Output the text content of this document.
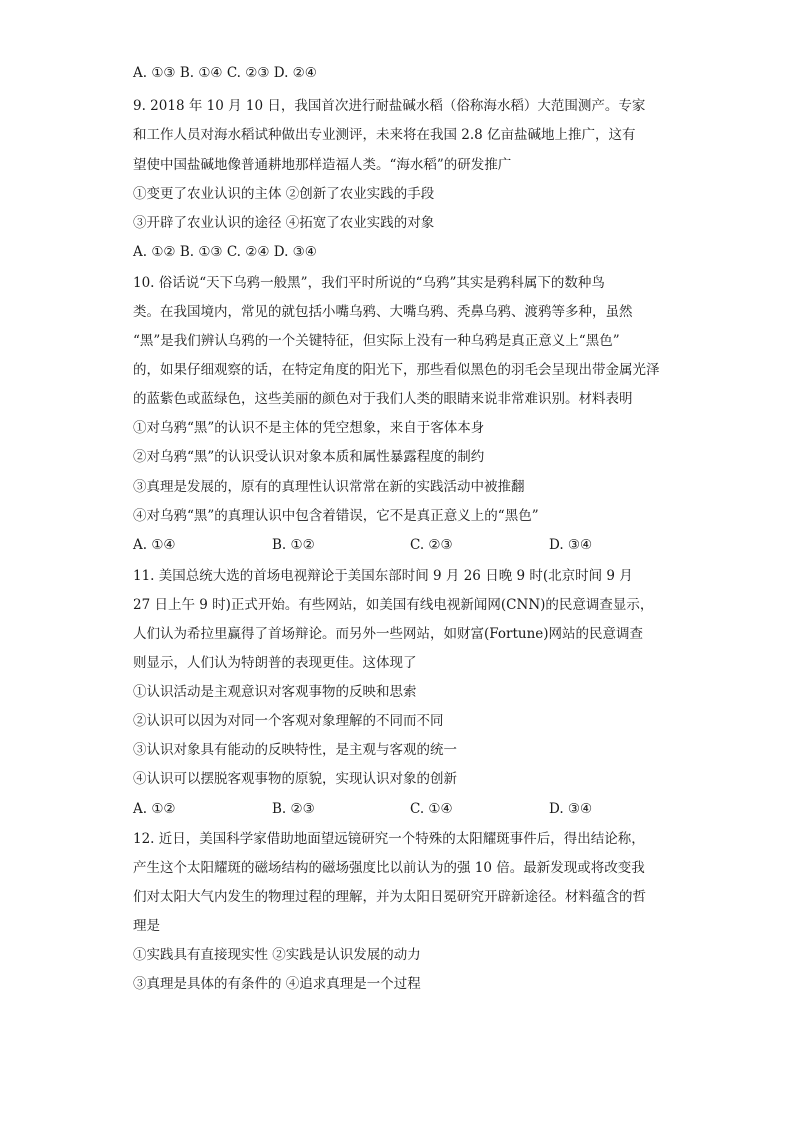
A. ①③ B. ①④ C. ②③ D. ②④
9. 2018 年 10 月 10 日，我国首次进行耐盐碱水稻（俗称海水稻）大范围测产。专家
和工作人员对海水稻试种做出专业测评，未来将在我国 2.8 亿亩盐碱地上推广，这有
望使中国盐碱地像普通耕地那样造福人类。“海水稻”的研发推广
①变更了农业认识的主体 ②创新了农业实践的手段
③开辟了农业认识的途径 ④拓宽了农业实践的对象
A. ①② B. ①③ C. ②④ D. ③④
10. 俗话说“天下乌鸦一般黑”，我们平时所说的“乌鸦”其实是鸦科属下的数种鸟
类。在我国境内，常见的就包括小嘴乌鸦、大嘴乌鸦、秃鼻乌鸦、渡鸦等多种，虽然
“黑”是我们辨认乌鸦的一个关键特征，但实际上没有一种乌鸦是真正意义上“黑色”
的，如果仔细观察的话，在特定角度的阳光下，那些看似黑色的羽毛会呈现出带金属光泽
的蓝紫色或蓝绿色，这些美丽的颜色对于我们人类的眼睛来说非常难识别。材料表明
①对乌鸦“黑”的认识不是主体的凭空想象，来自于客体本身
②对乌鸦“黑”的认识受认识对象本质和属性暴露程度的制约
③真理是发展的，原有的真理性认识常常在新的实践活动中被推翻
④对乌鸦“黑”的真理认识中包含着错误，它不是真正意义上的“黑色”
A. ①④	B. ①②	C. ②③	D. ③④
11. 美国总统大选的首场电视辩论于美国东部时间 9 月 26 日晚 9 时(北京时间 9 月
27 日上午 9 时)正式开始。有些网站，如美国有线电视新闻网(CNN)的民意调查显示，
人们认为希拉里赢得了首场辩论。而另外一些网站，如财富(Fortune)网站的民意调查
则显示，人们认为特朗普的表现更佳。这体现了
①认识活动是主观意识对客观事物的反映和思索
②认识可以因为对同一个客观对象理解的不同而不同
③认识对象具有能动的反映特性，是主观与客观的统一
④认识可以摆脱客观事物的原貌，实现认识对象的创新
A. ①②	B. ②③	C. ①④	D. ③④
12. 近日，美国科学家借助地面望远镜研究一个特殊的太阳耀斑事件后，得出结论称，
产生这个太阳耀斑的磁场结构的磁场强度比以前认为的强 10 倍。最新发现或将改变我
们对太阳大气内发生的物理过程的理解，并为太阳日冕研究开辟新途径。材料蕴含的哲
理是
①实践具有直接现实性 ②实践是认识发展的动力
③真理是具体的有条件的 ④追求真理是一个过程
